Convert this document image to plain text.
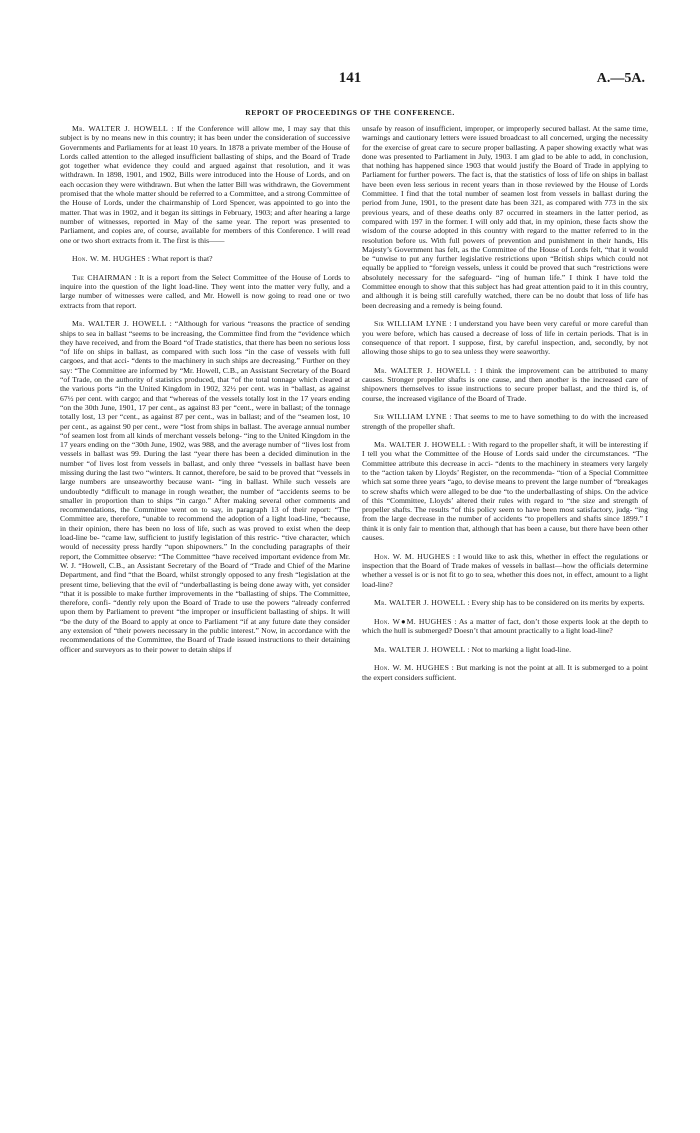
141	A.—5A.
REPORT OF PROCEEDINGS OF THE CONFERENCE.

Mr. WALTER J. HOWELL : If the Conference will allow me, I may say that this subject is by no means new in this country; it has been under the consideration of successive Governments and Parliaments for at least 10 years. In 1878 a private member of the House of Lords called attention to the alleged insufficient ballasting of ships, and the Board of Trade got together what evidence they could and argued against that resolution, and it was withdrawn. In 1898, 1901, and 1902, Bills were introduced into the House of Lords, and on each occasion they were withdrawn. But when the latter Bill was withdrawn, the Government promised that the whole matter should be referred to a Committee, and a strong Committee of the House of Lords, under the chairmanship of Lord Spencer, was appointed to go into the matter. That was in 1902, and it began its sittings in February, 1903; and after hearing a large number of witnesses, reported in May of the same year. The report was presented to Parliament, and copies are, of course, available for members of this Conference. I will read one or two short extracts from it. The first is this——

Hon. W. M. HUGHES : What report is that?

The CHAIRMAN : It is a report from the Select Committee of the House of Lords to inquire into the question of the light load-line. They went into the matter very fully, and a large number of witnesses were called, and Mr. Howell is now going to read one or two extracts from that report.

Mr. WALTER J. HOWELL : “Although for various “reasons the practice of sending ships to sea in ballast “seems to be increasing, the Committee find from the “evidence which they have received, and from the Board “of Trade statistics, that there has been no serious loss “of life on ships in ballast, as compared with such loss “in the case of vessels with full cargoes, and that acci- “dents to the machinery in such ships are decreasing.” Further on they say: “The Committee are informed by “Mr. Howell, C.B., an Assistant Secretary of the Board “of Trade, on the authority of statistics produced, that “of the total tonnage which cleared at the various ports “in the United Kingdom in 1902, 32½ per cent. was in “ballast, as against 67½ per cent. with cargo; and that “whereas of the vessels totally lost in the 17 years ending “on the 30th June, 1901, 17 per cent., as against 83 per “cent., were in ballast; of the tonnage totally lost, 13 per “cent., as against 87 per cent., was in ballast; and of the “seamen lost, 10 per cent., as against 90 per cent., were “lost from ships in ballast. The average annual number “of seamen lost from all kinds of merchant vessels belong- “ing to the United Kingdom in the 17 years ending on the “30th June, 1902, was 988, and the average number of “lives lost from vessels in ballast was 99. During the last “year there has been a decided diminution in the number “of lives lost from vessels in ballast, and only three “vessels in ballast have been missing during the last two “winters. It cannot, therefore, be said to be proved that “vessels in large numbers are unseaworthy because want- “ing in ballast. While such vessels are undoubtedly “difficult to manage in rough weather, the number of “accidents seems to be smaller in proportion than to ships “in cargo.” After making several other comments and recommendations, the Committee went on to say, in paragraph 13 of their report: “The Committee are, therefore, “unable to recommend the adoption of a light load-line, “because, in their opinion, there has been no loss of life, such as was proved to exist when the deep load-line be- “came law, sufficient to justify legislation of this restric- “tive character, which would of necessity press hardly “upon shipowners.” In the concluding paragraphs of their report, the Committee observe: “The Committee “have received important evidence from Mr. W. J. “Howell, C.B., an Assistant Secretary of the Board of “Trade and Chief of the Marine Department, and find “that the Board, whilst strongly opposed to any fresh “legislation at the present time, believing that the evil of “underballasting is being done away with, yet consider “that it is possible to make further improvements in the “ballasting of ships. The Committee, therefore, confi- “dently rely upon the Board of Trade to use the powers “already conferred upon them by Parliament to prevent “the improper or insufficient ballasting of ships. It will “be the duty of the Board to apply at once to Parliament “if at any future date they consider any extension of “their powers necessary in the public interest.” Now, in accordance with the recommendations of the Committee, the Board of Trade issued instructions to their detaining officer and surveyors as to their power to detain ships if

unsafe by reason of insufficient, improper, or improperly secured ballast. At the same time, warnings and cautionary letters were issued broadcast to all concerned, urging the necessity for the exercise of great care to secure proper ballasting. A paper showing exactly what was done was presented to Parliament in July, 1903. I am glad to be able to add, in conclusion, that nothing has happened since 1903 that would justify the Board of Trade in applying to Parliament for further powers. The fact is, that the statistics of loss of life on ships in ballast have been even less serious in recent years than in those reviewed by the House of Lords Committee. I find that the total number of seamen lost from vessels in ballast during the period from June, 1901, to the present date has been 321, as compared with 773 in the six previous years, and of these deaths only 87 occurred in steamers in the latter period, as compared with 197 in the former. I will only add that, in my opinion, these facts show the wisdom of the course adopted in this country with regard to the matter referred to in the resolution before us. With full powers of prevention and punishment in their hands, His Majesty’s Government has felt, as the Committee of the House of Lords felt, “that it would be “unwise to put any further legislative restrictions upon “British ships which could not equally be applied to “foreign vessels, unless it could be proved that such “restrictions were absolutely necessary for the safeguard- “ing of human life.” I think I have told the Committee enough to show that this subject has had great attention paid to it in this country, and although it is being still carefully watched, there can be no doubt that loss of life has been decreasing and a remedy is being found.

Sir WILLIAM LYNE : I understand you have been very careful or more careful than you were before, which has caused a decrease of loss of life in certain periods. That is in consequence of that report. I suppose, first, by careful inspection, and, secondly, by not allowing those ships to go to sea unless they were seaworthy.

Mr. WALTER J. HOWELL : I think the improvement can be attributed to many causes. Stronger propeller shafts is one cause, and then another is the increased care of shipowners themselves to issue instructions to secure proper ballast, and the third is, of course, the increased vigilance of the Board of Trade.

Sir WILLIAM LYNE : That seems to me to have something to do with the increased strength of the propeller shaft.

Mr. WALTER J. HOWELL : With regard to the propeller shaft, it will be interesting if I tell you what the Committee of the House of Lords said under the circumstances. “The Committee attribute this decrease in acci- “dents to the machinery in steamers very largely to the “action taken by Lloyds’ Register, on the recommenda- “tion of a Special Committee which sat some three years “ago, to devise means to prevent the large number of “breakages to screw shafts which were alleged to be due “to the underballasting of ships. On the advice of this “Committee, Lloyds’ altered their rules with regard to “the size and strength of propeller shafts. The results “of this policy seem to have been most satisfactory, judg- “ing from the large decrease in the number of accidents “to propellers and shafts since 1899.” I think it is only fair to mention that, although that has been a cause, but there have been other causes.

Hon. W. M. HUGHES : I would like to ask this, whether in effect the regulations or inspection that the Board of Trade makes of vessels in ballast—how the officials determine whether a vessel is or is not fit to go to sea, whether this does not, in effect, amount to a light load-line?

Mr. WALTER J. HOWELL : Every ship has to be considered on its merits by experts.

Hon. W●M. HUGHES : As a matter of fact, don’t those experts look at the depth to which the hull is submerged? Doesn’t that amount practically to a light load-line?

Mr. WALTER J. HOWELL : Not to marking a light load-line.

Hon. W. M. HUGHES : But marking is not the point at all. It is submerged to a point the expert considers sufficient.
